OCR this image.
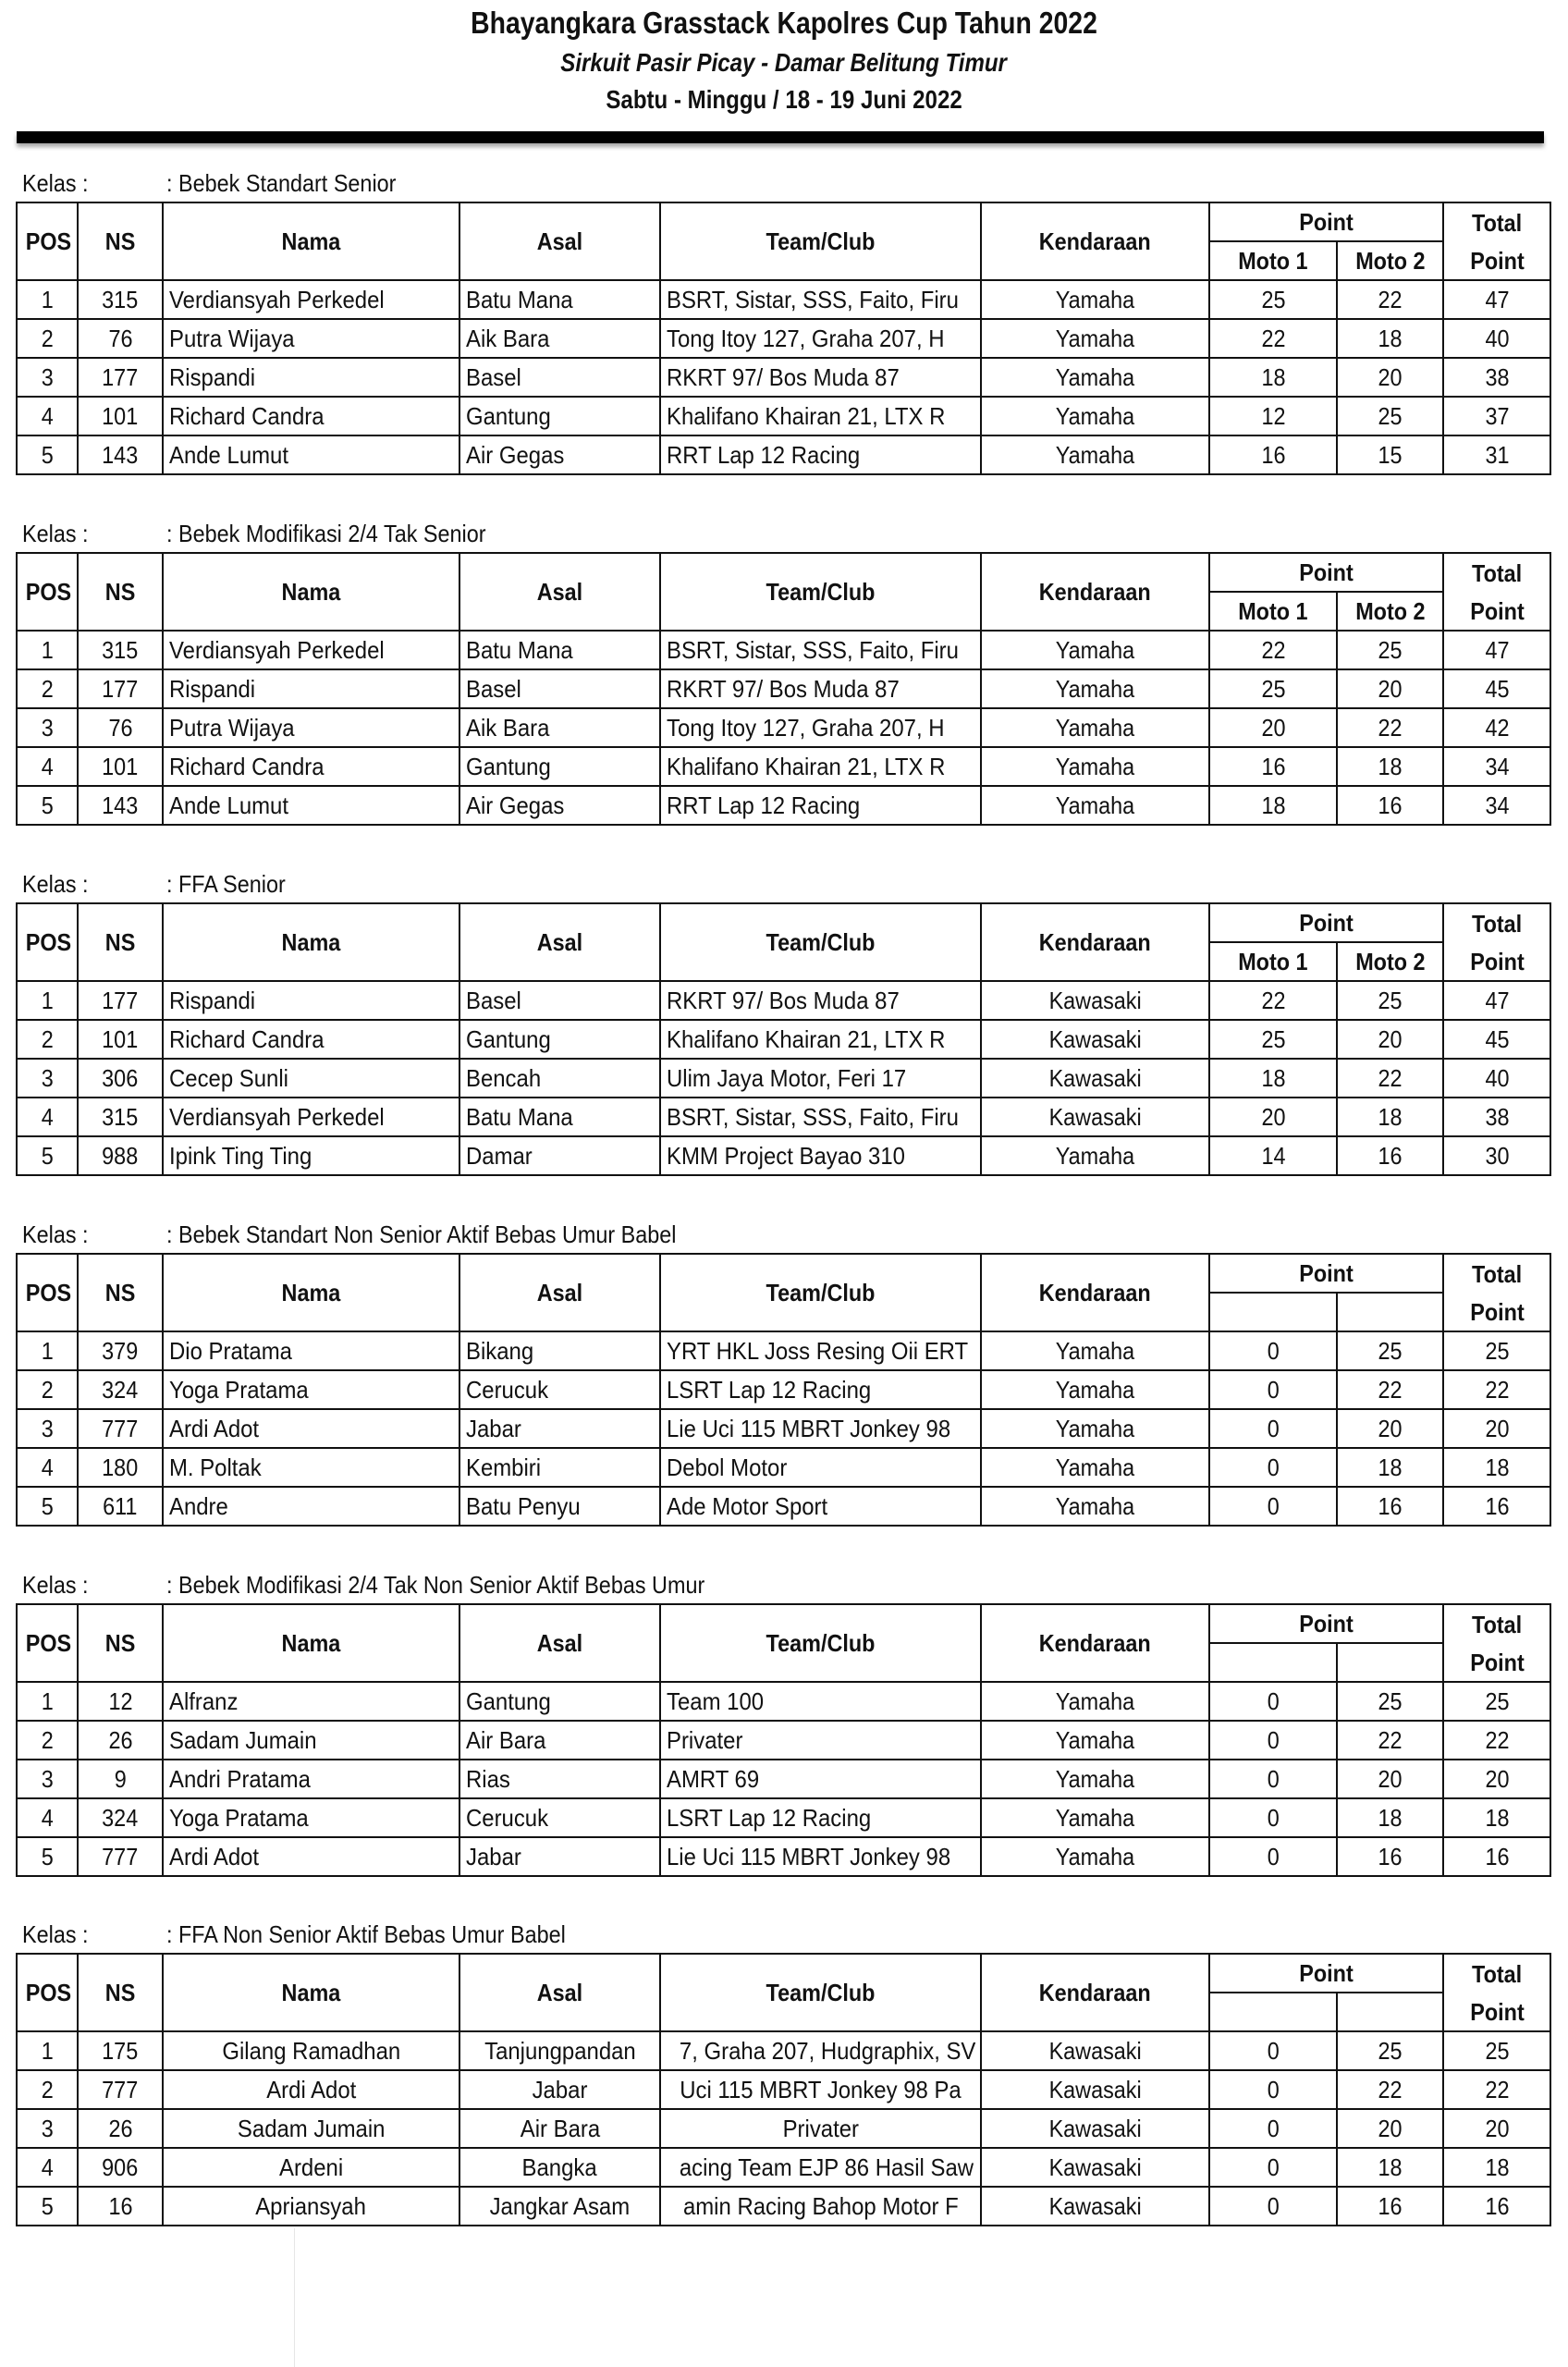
Bhayangkara Grasstack Kapolres Cup Tahun 2022
Sirkuit Pasir Picay - Damar Belitung Timur
Sabtu - Minggu / 18 - 19 Juni 2022
Kelas :	: Bebek Standart Senior
POS	NS	Nama	Asal	Team/Club	Kendaraan	Point		Total
						Moto 1	Moto 2	Point
1	315	Verdiansyah Perkedel	Batu Mana	BSRT, Sistar, SSS, Faito, Firu	Yamaha	25	22	47
2	76	Putra Wijaya	Aik Bara	Tong Itoy 127, Graha 207, H	Yamaha	22	18	40
3	177	Rispandi	Basel	RKRT 97/ Bos Muda 87	Yamaha	18	20	38
4	101	Richard Candra	Gantung	Khalifano Khairan 21, LTX R	Yamaha	12	25	37
5	143	Ande Lumut	Air Gegas	RRT Lap 12 Racing	Yamaha	16	15	31
Kelas :	: Bebek Modifikasi 2/4 Tak Senior
POS	NS	Nama	Asal	Team/Club	Kendaraan	Point		Total
						Moto 1	Moto 2	Point
1	315	Verdiansyah Perkedel	Batu Mana	BSRT, Sistar, SSS, Faito, Firu	Yamaha	22	25	47
2	177	Rispandi	Basel	RKRT 97/ Bos Muda 87	Yamaha	25	20	45
3	76	Putra Wijaya	Aik Bara	Tong Itoy 127, Graha 207, H	Yamaha	20	22	42
4	101	Richard Candra	Gantung	Khalifano Khairan 21, LTX R	Yamaha	16	18	34
5	143	Ande Lumut	Air Gegas	RRT Lap 12 Racing	Yamaha	18	16	34
Kelas :	: FFA Senior
POS	NS	Nama	Asal	Team/Club	Kendaraan	Point		Total
						Moto 1	Moto 2	Point
1	177	Rispandi	Basel	RKRT 97/ Bos Muda 87	Kawasaki	22	25	47
2	101	Richard Candra	Gantung	Khalifano Khairan 21, LTX R	Kawasaki	25	20	45
3	306	Cecep Sunli	Bencah	Ulim Jaya Motor, Feri 17	Kawasaki	18	22	40
4	315	Verdiansyah Perkedel	Batu Mana	BSRT, Sistar, SSS, Faito, Firu	Kawasaki	20	18	38
5	988	Ipink Ting Ting	Damar	KMM Project Bayao 310	Yamaha	14	16	30
Kelas :	: Bebek Standart Non Senior Aktif Bebas Umur Babel
POS	NS	Nama	Asal	Team/Club	Kendaraan	Point		Total
								Point
1	379	Dio Pratama	Bikang	YRT HKL Joss Resing Oii ERT	Yamaha	0	25	25
2	324	Yoga Pratama	Cerucuk	LSRT Lap 12 Racing	Yamaha	0	22	22
3	777	Ardi Adot	Jabar	Lie Uci 115 MBRT Jonkey 98	Yamaha	0	20	20
4	180	M. Poltak	Kembiri	Debol Motor	Yamaha	0	18	18
5	611	Andre	Batu Penyu	Ade Motor Sport	Yamaha	0	16	16
Kelas :	: Bebek Modifikasi 2/4 Tak Non Senior Aktif Bebas Umur
POS	NS	Nama	Asal	Team/Club	Kendaraan	Point		Total
								Point
1	12	Alfranz	Gantung	Team 100	Yamaha	0	25	25
2	26	Sadam Jumain	Air Bara	Privater	Yamaha	0	22	22
3	9	Andri Pratama	Rias	AMRT 69	Yamaha	0	20	20
4	324	Yoga Pratama	Cerucuk	LSRT Lap 12 Racing	Yamaha	0	18	18
5	777	Ardi Adot	Jabar	Lie Uci 115 MBRT Jonkey 98	Yamaha	0	16	16
Kelas :	: FFA Non Senior Aktif Bebas Umur Babel
POS	NS	Nama	Asal	Team/Club	Kendaraan	Point		Total
								Point
1	175	Gilang Ramadhan	Tanjungpandan	7, Graha 207, Hudgraphix, SV	Kawasaki	0	25	25
2	777	Ardi Adot	Jabar	Uci 115 MBRT Jonkey 98 Pa	Kawasaki	0	22	22
3	26	Sadam Jumain	Air Bara	Privater	Kawasaki	0	20	20
4	906	Ardeni	Bangka	acing Team EJP 86 Hasil Saw	Kawasaki	0	18	18
5	16	Apriansyah	Jangkar Asam	amin Racing Bahop Motor F	Kawasaki	0	16	16
